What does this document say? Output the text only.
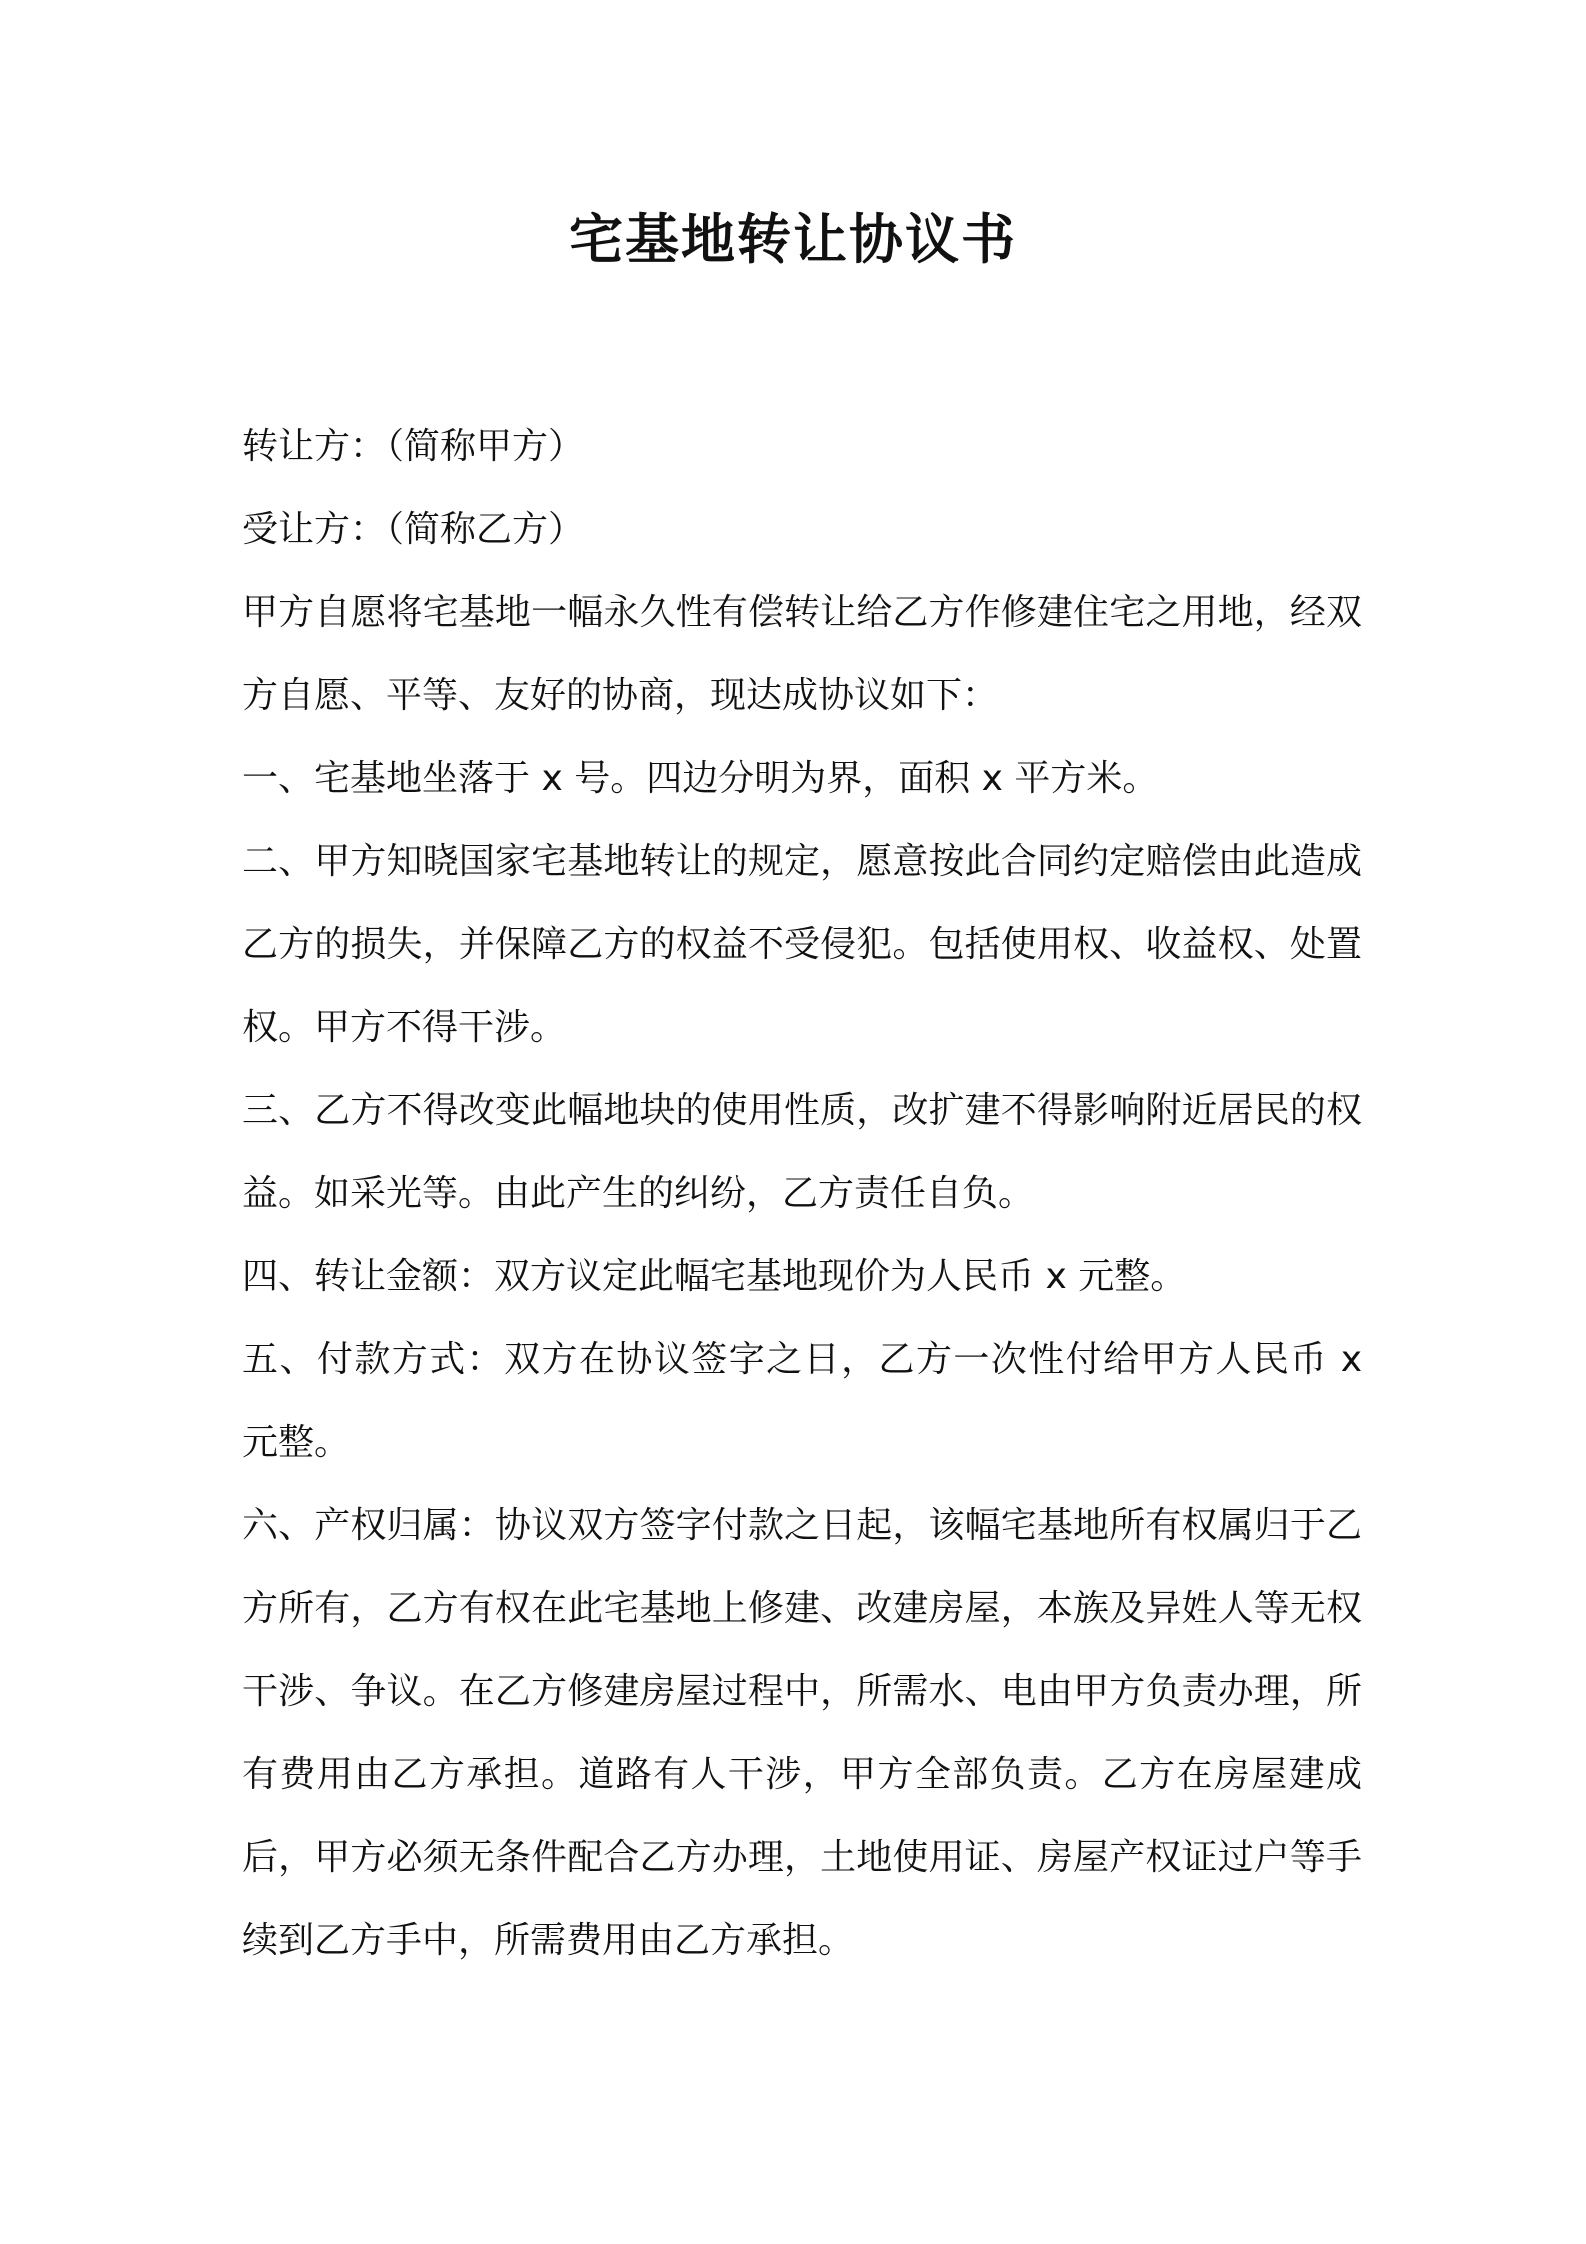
宅基地转让协议书

转让方：（简称甲方）

受让方：（简称乙方）

甲方自愿将宅基地一幅永久性有偿转让给乙方作修建住宅之用地，经双方自愿、平等、友好的协商，现达成协议如下：

一、宅基地坐落于 x 号。四边分明为界，面积 x 平方米。

二、甲方知晓国家宅基地转让的规定，愿意按此合同约定赔偿由此造成乙方的损失，并保障乙方的权益不受侵犯。包括使用权、收益权、处置权。甲方不得干涉。

三、乙方不得改变此幅地块的使用性质，改扩建不得影响附近居民的权益。如采光等。由此产生的纠纷，乙方责任自负。

四、转让金额：双方议定此幅宅基地现价为人民币 x 元整。

五、付款方式：双方在协议签字之日，乙方一次性付给甲方人民币 x 元整。

六、产权归属：协议双方签字付款之日起，该幅宅基地所有权属归于乙方所有，乙方有权在此宅基地上修建、改建房屋，本族及异姓人等无权干涉、争议。在乙方修建房屋过程中，所需水、电由甲方负责办理，所有费用由乙方承担。道路有人干涉，甲方全部负责。乙方在房屋建成后，甲方必须无条件配合乙方办理，土地使用证、房屋产权证过户等手续到乙方手中，所需费用由乙方承担。
